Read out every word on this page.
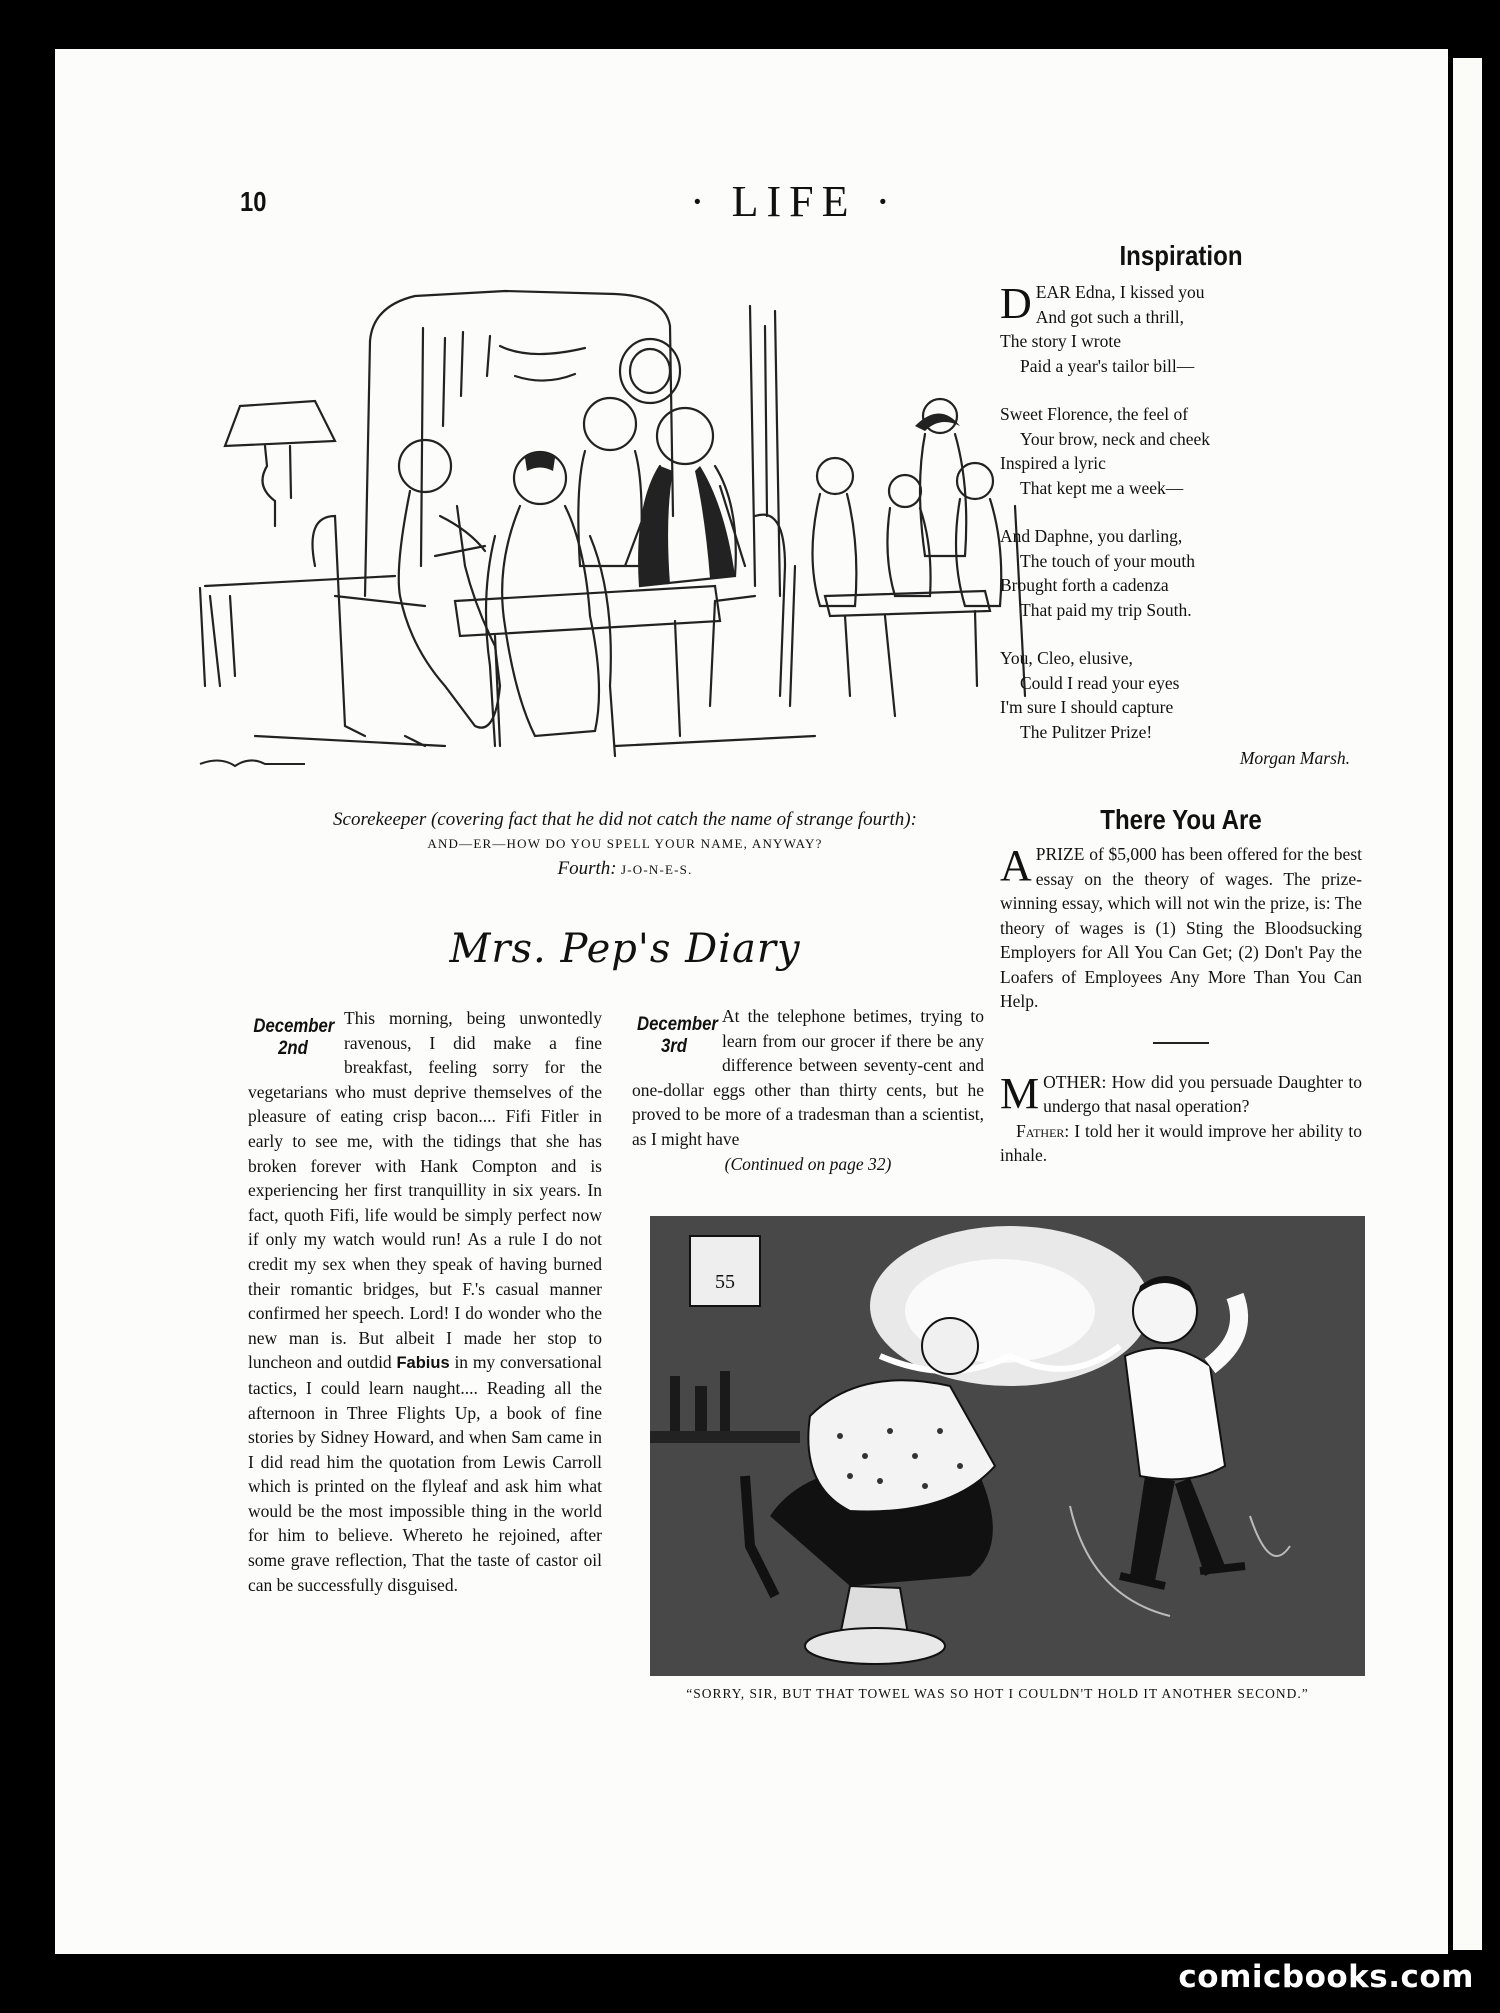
10	· LIFE ·
Scorekeeper (covering fact that he did not catch the name of strange fourth):
AND—ER—HOW DO YOU SPELL YOUR NAME, ANYWAY?
Fourth: J-O-N-E-S.
Inspiration
D EAR Edna, I kissed you
And got such a thrill,
The story I wrote
Paid a year's tailor bill—
Sweet Florence, the feel of
Your brow, neck and cheek
Inspired a lyric
That kept me a week—
And Daphne, you darling,
The touch of your mouth
Brought forth a cadenza
That paid my trip South.
You, Cleo, elusive,
Could I read your eyes
I'm sure I should capture
The Pulitzer Prize!
Morgan Marsh.
There You Are
A PRIZE of $5,000 has been offered for the best essay on the theory of wages. The prize-winning essay, which will not win the prize, is: The theory of wages is (1) Sting the Bloodsucking Employers for All You Can Get; (2) Don't Pay the Loafers of Employees Any More Than You Can Help.
M OTHER: How did you persuade Daughter to undergo that nasal operation?
Father: I told her it would improve her ability to inhale.
Mrs. Pep's Diary
December
2nd
This morning, being unwontedly ravenous, I did make a fine breakfast, feeling sorry for the vegetarians who must deprive themselves of the pleasure of eating crisp bacon.... Fifi Fitler in early to see me, with the tidings that she has broken forever with Hank Compton and is experiencing her first tranquillity in six years. In fact, quoth Fifi, life would be simply perfect now if only my watch would run! As a rule I do not credit my sex when they speak of having burned their romantic bridges, but F.'s casual manner confirmed her speech. Lord! I do wonder who the new man is. But albeit I made her stop to luncheon and outdid Fabius in my conversational tactics, I could learn naught.... Reading all the afternoon in Three Flights Up, a book of fine stories by Sidney Howard, and when Sam came in I did read him the quotation from Lewis Carroll which is printed on the flyleaf and ask him what would be the most impossible thing in the world for him to believe. Whereto he rejoined, after some grave reflection, That the taste of castor oil can be successfully disguised.
December
3rd
At the telephone betimes, trying to learn from our grocer if there be any difference between seventy-cent and one-dollar eggs other than thirty cents, but he proved to be more of a tradesman than a scientist, as I might have
(Continued on page 32)
55
“SORRY, SIR, BUT THAT TOWEL WAS SO HOT I COULDN'T HOLD IT ANOTHER SECOND.”
comicbooks.com
